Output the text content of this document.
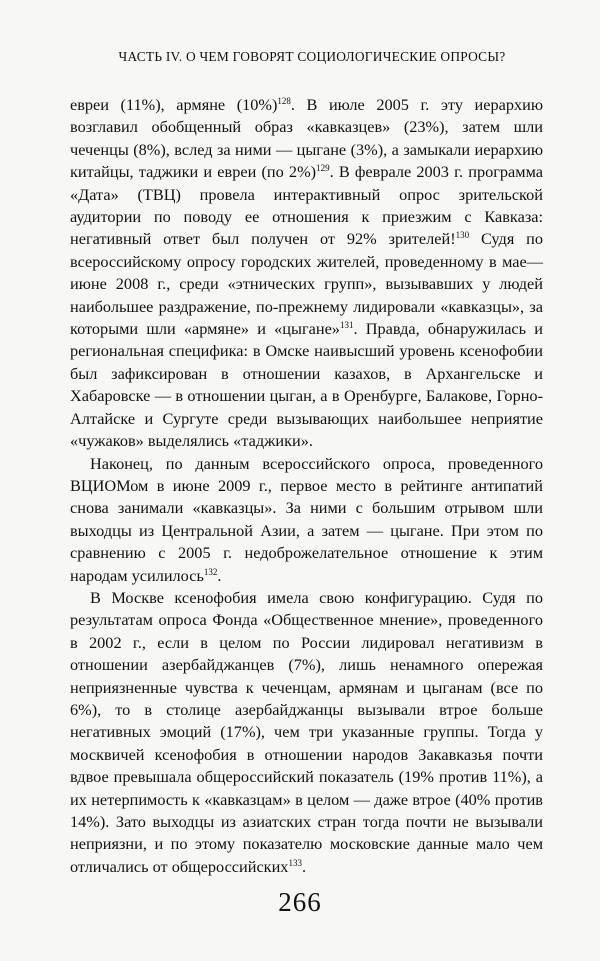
ЧАСТЬ IV. О ЧЕМ ГОВОРЯТ СОЦИОЛОГИЧЕСКИЕ ОПРОСЫ?

евреи (11%), армяне (10%)$^{128}$. В июле 2005 г. эту иерархию возглавил обобщенный образ «кавказцев» (23%), затем шли чеченцы (8%), вслед за ними — цыгане (3%), а замыкали иерархию китайцы, таджики и евреи (по 2%)$^{129}$. В феврале 2003 г. программа «Дата» (ТВЦ) провела интерактивный опрос зрительской аудитории по поводу ее отношения к приезжим с Кавказа: негативный ответ был получен от 92% зрителей!$^{130}$ Судя по всероссийскому опросу городских жителей, проведенному в мае—июне 2008 г., среди «этнических групп», вызывавших у людей наибольшее раздражение, по-прежнему лидировали «кавказцы», за которыми шли «армяне» и «цыгане»$^{131}$. Правда, обнаружилась и региональная специфика: в Омске наивысший уровень ксенофобии был зафиксирован в отношении казахов, в Архангельске и Хабаровске — в отношении цыган, а в Оренбурге, Балакове, Горно-Алтайске и Сургуте среди вызывающих наибольшее неприятие «чужаков» выделялись «таджики».

Наконец, по данным всероссийского опроса, проведенного ВЦИОМом в июне 2009 г., первое место в рейтинге антипатий снова занимали «кавказцы». За ними с большим отрывом шли выходцы из Центральной Азии, а затем — цыгане. При этом по сравнению с 2005 г. недоброжелательное отношение к этим народам усилилось$^{132}$.

В Москве ксенофобия имела свою конфигурацию. Судя по результатам опроса Фонда «Общественное мнение», проведенного в 2002 г., если в целом по России лидировал негативизм в отношении азербайджанцев (7%), лишь ненамного опережая неприязненные чувства к чеченцам, армянам и цыганам (все по 6%), то в столице азербайджанцы вызывали втрое больше негативных эмоций (17%), чем три указанные группы. Тогда у москвичей ксенофобия в отношении народов Закавказья почти вдвое превышала общероссийский показатель (19% против 11%), а их нетерпимость к «кавказцам» в целом — даже втрое (40% против 14%). Зато выходцы из азиатских стран тогда почти не вызывали неприязни, и по этому показателю московские данные мало чем отличались от общероссийских$^{133}$.

266
